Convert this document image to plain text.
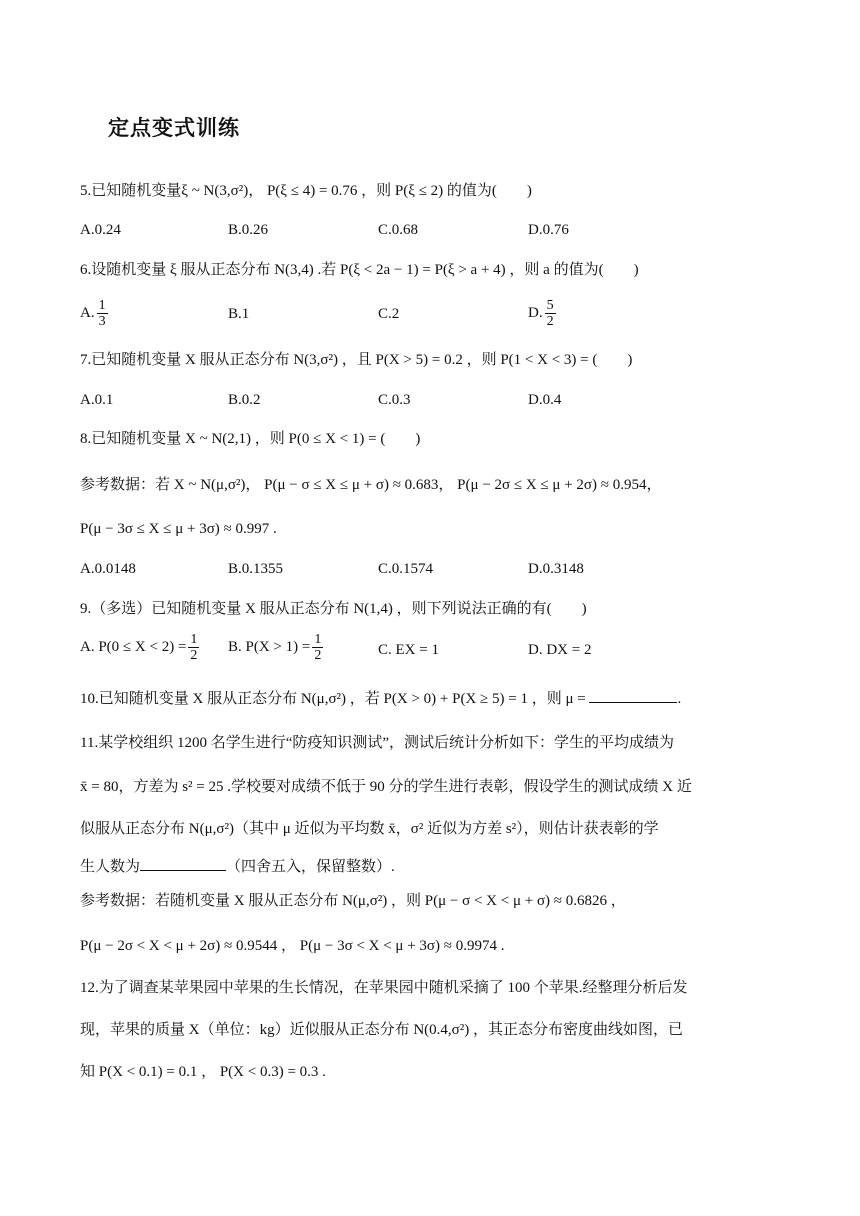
定点变式训练
5.已知随机变量ξ ~ N(3,σ²)， P(ξ ≤ 4) = 0.76 ，则 P(ξ ≤ 2) 的值为(　　)
A.0.24	B.0.26	C.0.68	D.0.76
6.设随机变量 ξ 服从正态分布 N(3,4) .若 P(ξ < 2a − 1) = P(ξ > a + 4) ，则 a 的值为(　　)
A. $\frac{1}{3}$	B.1	C.2	D. $\frac{5}{2}$
7.已知随机变量 X 服从正态分布 N(3,σ²) ，且 P(X > 5) = 0.2 ，则 P(1 < X < 3) = (　　)
A.0.1	B.0.2	C.0.3	D.0.4
8.已知随机变量 X ~ N(2,1) ，则 P(0 ≤ X < 1) = (　　)
参考数据：若 X ~ N(μ,σ²)， P(μ − σ ≤ X ≤ μ + σ) ≈ 0.683， P(μ − 2σ ≤ X ≤ μ + 2σ) ≈ 0.954，
P(μ − 3σ ≤ X ≤ μ + 3σ) ≈ 0.997 .
A.0.0148	B.0.1355	C.0.1574	D.0.3148
9.（多选）已知随机变量 X 服从正态分布 N(1,4) ，则下列说法正确的有(　　)
A. $P(0 \le X < 2) = \frac{1}{2} B$. $P(X > 1) = \frac{1}{2}$	C. EX = 1	D. DX = 2
10.已知随机变量 X 服从正态分布 N(μ,σ²) ，若 P(X > 0) + P(X ≥ 5) = 1 ，则 μ =	.
11.某学校组织 1200 名学生进行“防疫知识测试”，测试后统计分析如下：学生的平均成绩为
x̄ = 80，方差为 s² = 25 .学校要对成绩不低于 90 分的学生进行表彰，假设学生的测试成绩 X 近
似服从正态分布 N(μ,σ²)（其中 μ 近似为平均数 x̄，σ² 近似为方差 s²），则估计获表彰的学
生人数为	（四舍五入，保留整数）.
参考数据：若随机变量 X 服从正态分布 N(μ,σ²) ，则 P(μ − σ < X < μ + σ) ≈ 0.6826 ，
P(μ − 2σ < X < μ + 2σ) ≈ 0.9544 ， P(μ − 3σ < X < μ + 3σ) ≈ 0.9974 .
12.为了调查某苹果园中苹果的生长情况，在苹果园中随机采摘了 100 个苹果.经整理分析后发
现，苹果的质量 X（单位：kg）近似服从正态分布 N(0.4,σ²) ，其正态分布密度曲线如图，已
知 P(X < 0.1) = 0.1 ， P(X < 0.3) = 0.3 .
